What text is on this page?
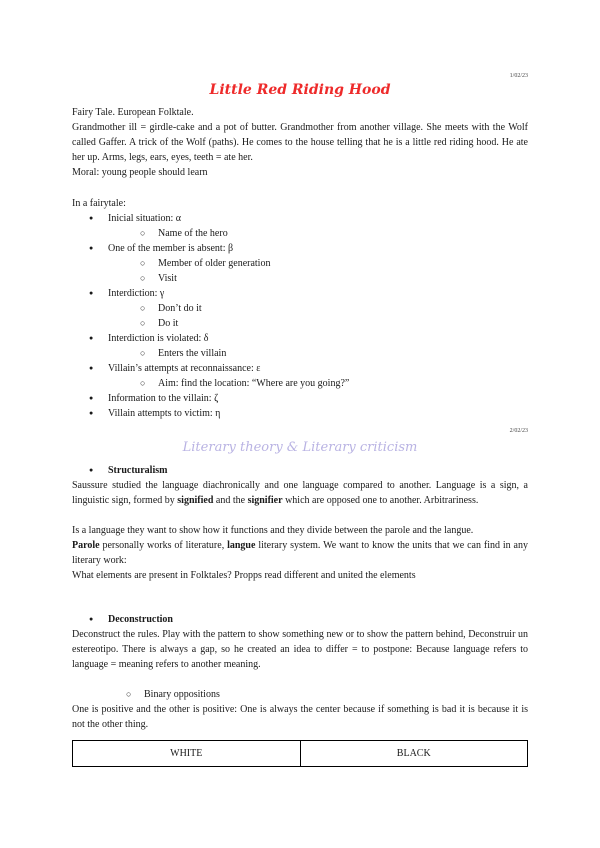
1/02/23
Little Red Riding Hood

Fairy Tale. European Folktale.

Grandmother ill = girdle-cake and a pot of butter. Grandmother from another village. She meets with the Wolf called Gaffer. A trick of the Wolf (paths). He comes to the house telling that he is a little red riding hood. He ate her up. Arms, legs, ears, eyes, teeth = ate her.

Moral: young people should learn

In a fairytale:

● Inicial situation: α
○ Name of the hero
● One of the member is absent: β
○ Member of older generation
○ Visit
● Interdiction: γ
○ Don’t do it
○ Do it
● Interdiction is violated: δ
○ Enters the villain
● Villain’s attempts at reconnaissance: ε
○ Aim: find the location: “Where are you going?”
● Information to the villain: ζ
● Villain attempts to victim: η
2/02/23
Literary theory & Literary criticism
● Structuralism

Saussure studied the language diachronically and one language compared to another. Language is a sign, a linguistic sign, formed by signified and the signifier which are opposed one to another. Arbitrariness.

Is a language they want to show how it functions and they divide between the parole and the langue.

Parole personally works of literature, langue literary system. We want to know the units that we can find in any literary work:

What elements are present in Folktales? Propps read different and united the elements

● Deconstruction

Deconstruct the rules. Play with the pattern to show something new or to show the pattern behind, Deconstruir un estereotipo. There is always a gap, so he created an idea to differ = to postpone: Because language refers to language = meaning refers to another meaning.

○ Binary oppositions

One is positive and the other is positive: One is always the center because if something is bad it is because it is not the other thing.

WHITE	BLACK
